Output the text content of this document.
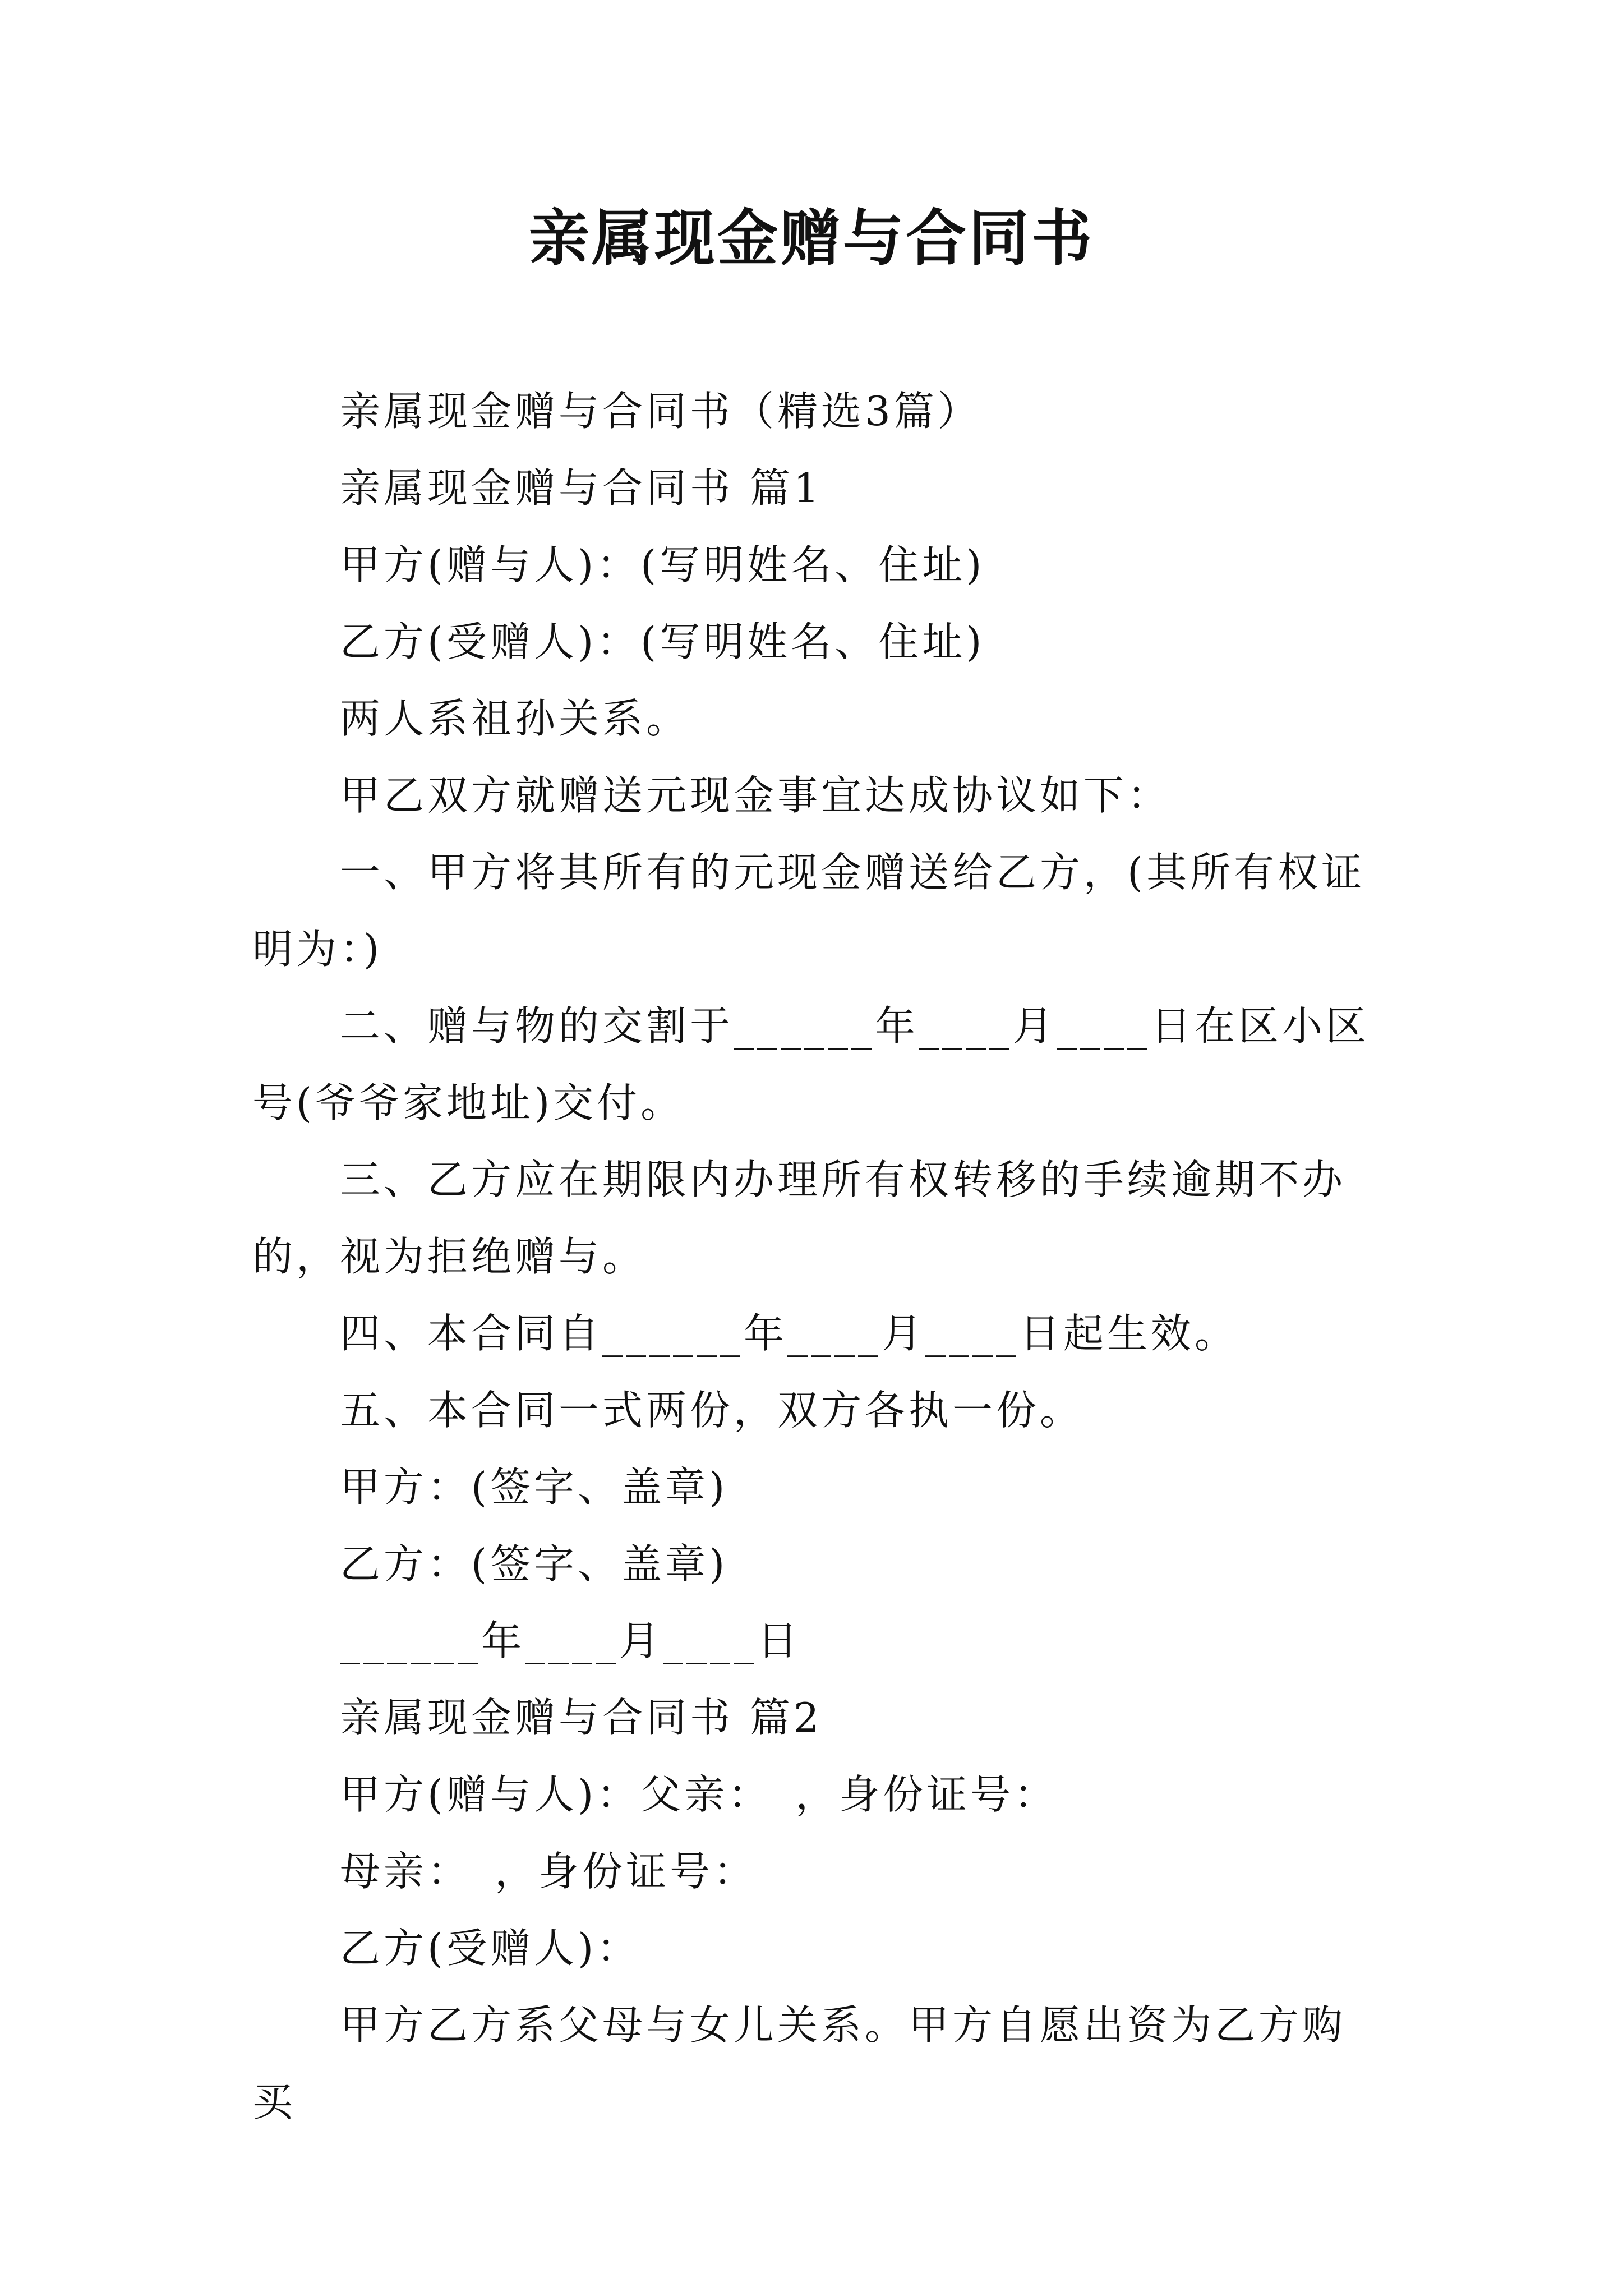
亲属现金赠与合同书

亲属现金赠与合同书（精选3篇）

亲属现金赠与合同书 篇1

甲方(赠与人)：(写明姓名、住址)

乙方(受赠人)：(写明姓名、住址)

两人系祖孙关系。

甲乙双方就赠送元现金事宜达成协议如下：

一、甲方将其所有的元现金赠送给乙方，(其所有权证明为：)

二、赠与物的交割于______年____月____日在区小区号(爷爷家地址)交付。

三、乙方应在期限内办理所有权转移的手续逾期不办的，视为拒绝赠与。

四、本合同自______年____月____日起生效。

五、本合同一式两份，双方各执一份。

甲方：(签字、盖章)

乙方：(签字、盖章)

______年____月____日

亲属现金赠与合同书 篇2

甲方(赠与人)：父亲：　，身份证号：

母亲：　，身份证号：

乙方(受赠人)：

甲方乙方系父母与女儿关系。甲方自愿出资为乙方购买
